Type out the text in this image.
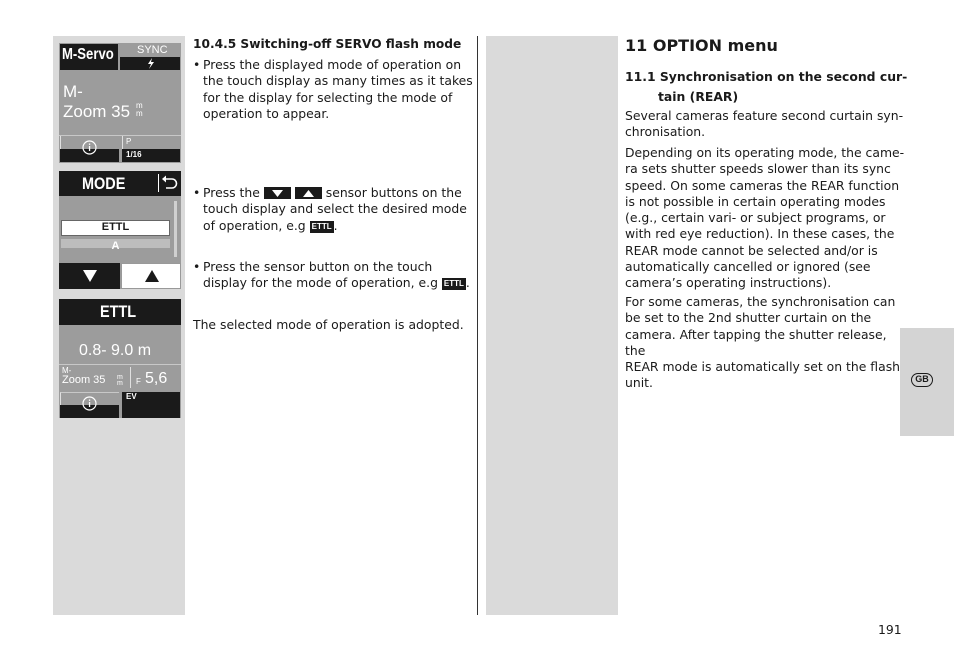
M-Servo SYNC
M-
Zoom 35 m
m
P
1/16
MODE
ETTL
A
ETTL
0.8- 9.0 m
M-
Zoom 35 m
m F 5,6
EV
10.4.5 Switching-off SERVO flash mode
• Press the displayed mode of operation on
the touch display as many times as it takes
for the display for selecting the mode of
operation to appear.
• Press the	sensor buttons on the
touch display and select the desired mode
of operation, e.g ETTL .
• Press the sensor button on the touch
display for the mode of operation, e.g ETTL .
The selected mode of operation is adopted.
11 OPTION menu
11.1 Synchronisation on the second cur-
tain (REAR)
Several cameras feature second curtain syn-
chronisation.
Depending on its operating mode, the came-
ra sets shutter speeds slower than its sync
speed. On some cameras the REAR function
is not possible in certain operating modes
(e.g., certain vari- or subject programs, or
with red eye reduction). In these cases, the
REAR mode cannot be selected and/or is
automatically cancelled or ignored (see
camera’s operating instructions).
For some cameras, the synchronisation can
be set to the 2nd shutter curtain on the
camera. After tapping the shutter release, the
REAR mode is automatically set on the flash
unit.	GB
191
